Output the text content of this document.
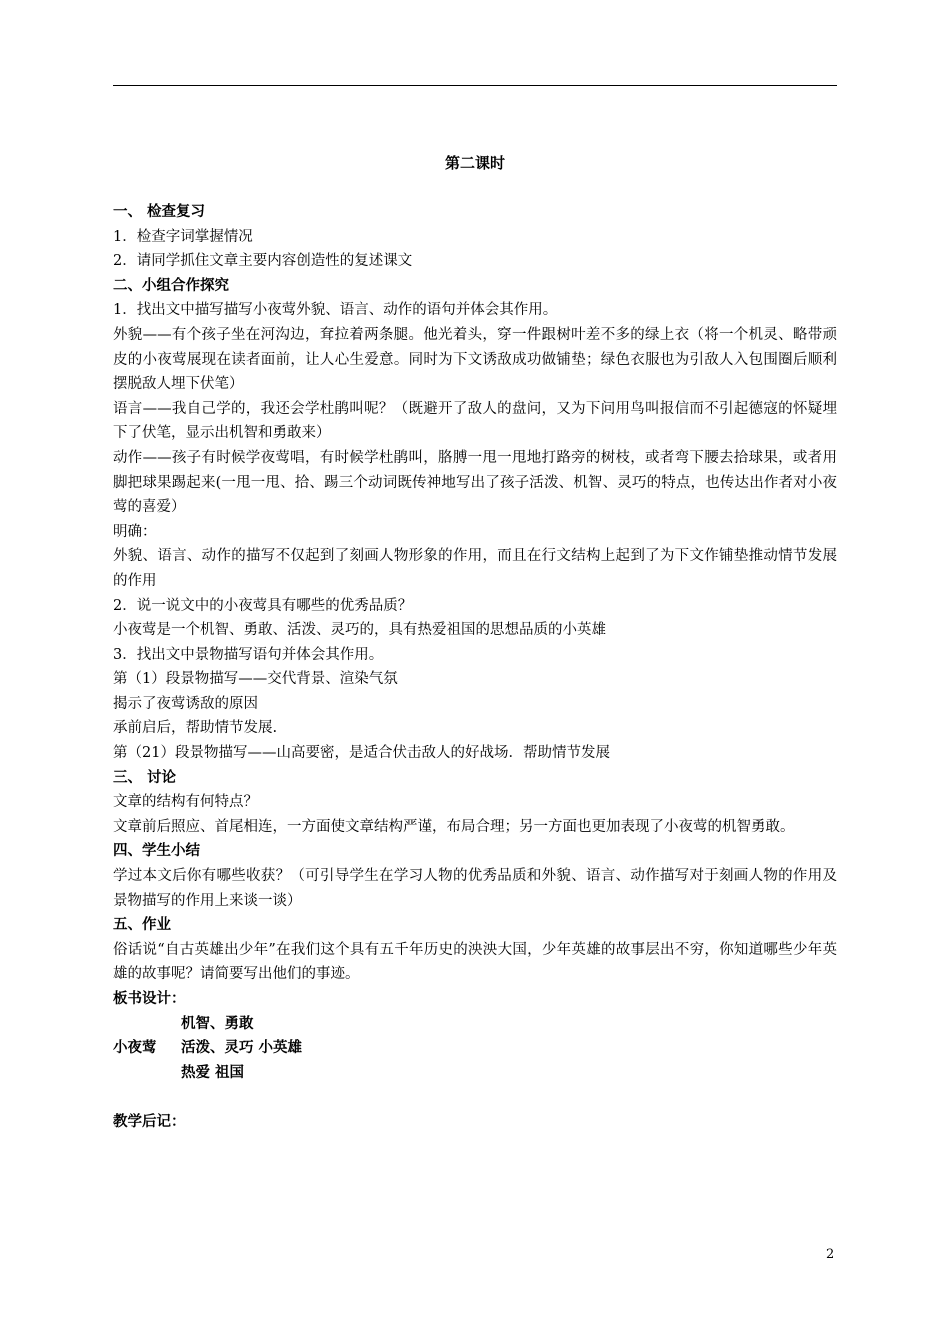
第二课时

一、 检查复习

1．检查字词掌握情况

2．请同学抓住文章主要内容创造性的复述课文

二、小组合作探究

1．找出文中描写描写小夜莺外貌、语言、动作的语句并体会其作用。

外貌——有个孩子坐在河沟边，耷拉着两条腿。他光着头，穿一件跟树叶差不多的绿上衣（将一个机灵、略带顽皮的小夜莺展现在读者面前，让人心生爱意。同时为下文诱敌成功做铺垫；绿色衣服也为引敌人入包围圈后顺利摆脱敌人埋下伏笔）

语言——我自己学的，我还会学杜鹃叫呢？（既避开了敌人的盘问，又为下问用鸟叫报信而不引起德寇的怀疑埋下了伏笔，显示出机智和勇敢来）

动作——孩子有时候学夜莺唱，有时候学杜鹃叫，胳膊一甩一甩地打路旁的树枝，或者弯下腰去拾球果，或者用脚把球果踢起来(一甩一甩、拾、踢三个动词既传神地写出了孩子活泼、机智、灵巧的特点，也传达出作者对小夜莺的喜爱）

明确：

外貌、语言、动作的描写不仅起到了刻画人物形象的作用，而且在行文结构上起到了为下文作铺垫推动情节发展的作用

2．说一说文中的小夜莺具有哪些的优秀品质？

小夜莺是一个机智、勇敢、活泼、灵巧的，具有热爱祖国的思想品质的小英雄

3．找出文中景物描写语句并体会其作用。

第（1）段景物描写——交代背景、渲染气氛

揭示了夜莺诱敌的原因

承前启后，帮助情节发展.

第（21）段景物描写——山高要密，是适合伏击敌人的好战场．帮助情节发展

三、 讨论

文章的结构有何特点？

文章前后照应、首尾相连，一方面使文章结构严谨，布局合理；另一方面也更加表现了小夜莺的机智勇敢。

四、学生小结

学过本文后你有哪些收获？（可引导学生在学习人物的优秀品质和外貌、语言、动作描写对于刻画人物的作用及景物描写的作用上来谈一谈）

五、作业

俗话说“自古英雄出少年”在我们这个具有五千年历史的泱泱大国，少年英雄的故事层出不穷，你知道哪些少年英雄的故事呢？请简要写出他们的事迹。

板书设计：

机智、勇敢
小夜莺	活泼、灵巧 小英雄
热爱 祖国

教学后记：

2
